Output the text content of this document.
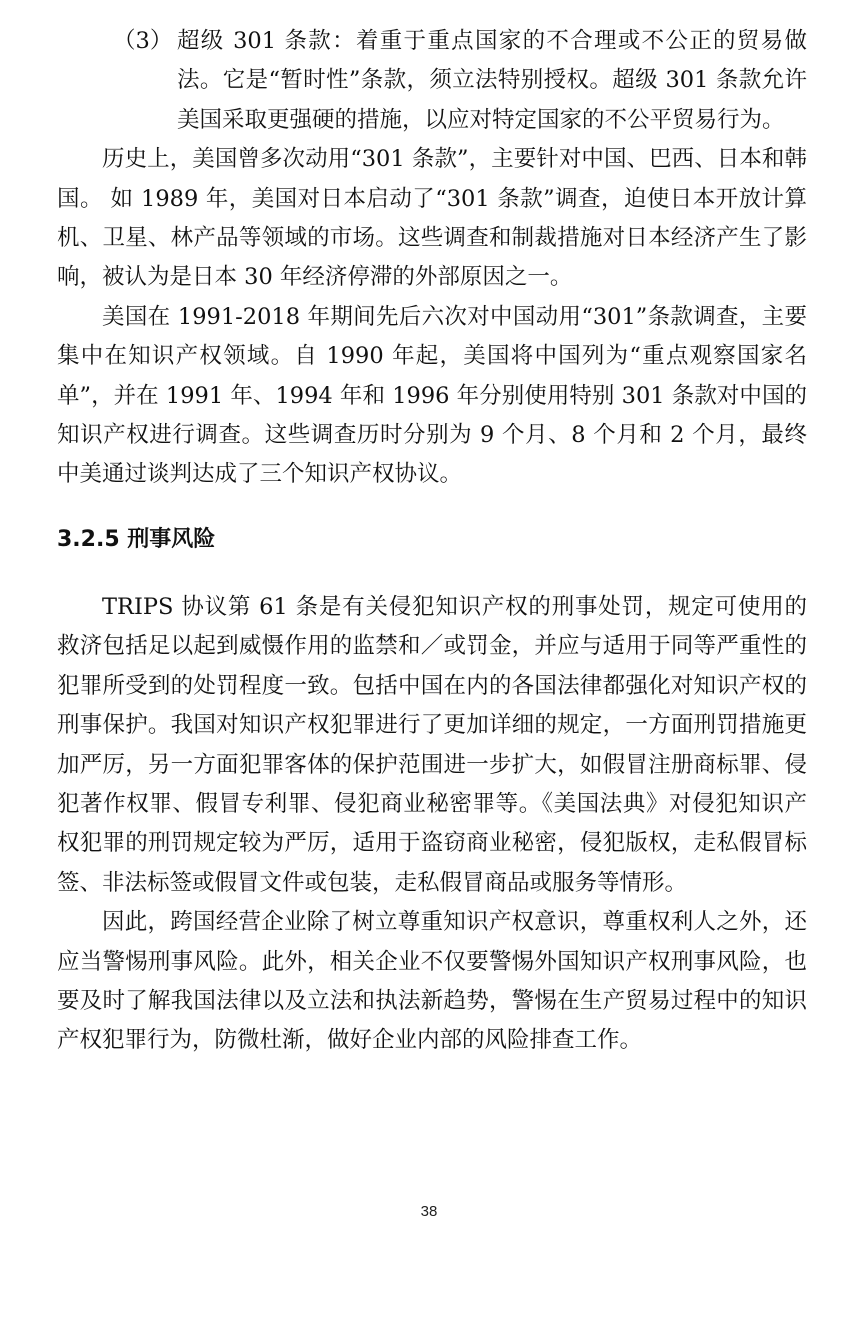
（3） 超级 301 条款：着重于重点国家的不合理或不公正的贸易做法。它是“暂时性”条款，须立法特别授权。超级 301 条款允许美国采取更强硬的措施，以应对特定国家的不公平贸易行为。

历史上，美国曾多次动用“301 条款”，主要针对中国、巴西、日本和韩国。 如 1989 年，美国对日本启动了“301 条款”调查，迫使日本开放计算机、卫星、林产品等领域的市场。这些调查和制裁措施对日本经济产生了影响，被认为是日本 30 年经济停滞的外部原因之一。

美国在 1991-2018 年期间先后六次对中国动用“301”条款调查，主要集中在知识产权领域。自 1990 年起，美国将中国列为“重点观察国家名单”，并在 1991 年、1994 年和 1996 年分别使用特别 301 条款对中国的知识产权进行调查。这些调查历时分别为 9 个月、8 个月和 2 个月，最终中美通过谈判达成了三个知识产权协议。

3.2.5 刑事风险

TRIPS 协议第 61 条是有关侵犯知识产权的刑事处罚，规定可使用的救济包括足以起到威慑作用的监禁和／或罚金，并应与适用于同等严重性的犯罪所受到的处罚程度一致。包括中国在内的各国法律都强化对知识产权的刑事保护。我国对知识产权犯罪进行了更加详细的规定，一方面刑罚措施更加严厉，另一方面犯罪客体的保护范围进一步扩大，如假冒注册商标罪、侵犯著作权罪、假冒专利罪、侵犯商业秘密罪等。《美国法典》对侵犯知识产权犯罪的刑罚规定较为严厉，适用于盗窃商业秘密，侵犯版权，走私假冒标签、非法标签或假冒文件或包装，走私假冒商品或服务等情形。

因此，跨国经营企业除了树立尊重知识产权意识，尊重权利人之外，还应当警惕刑事风险。此外，相关企业不仅要警惕外国知识产权刑事风险，也要及时了解我国法律以及立法和执法新趋势，警惕在生产贸易过程中的知识产权犯罪行为，防微杜渐，做好企业内部的风险排查工作。

38
